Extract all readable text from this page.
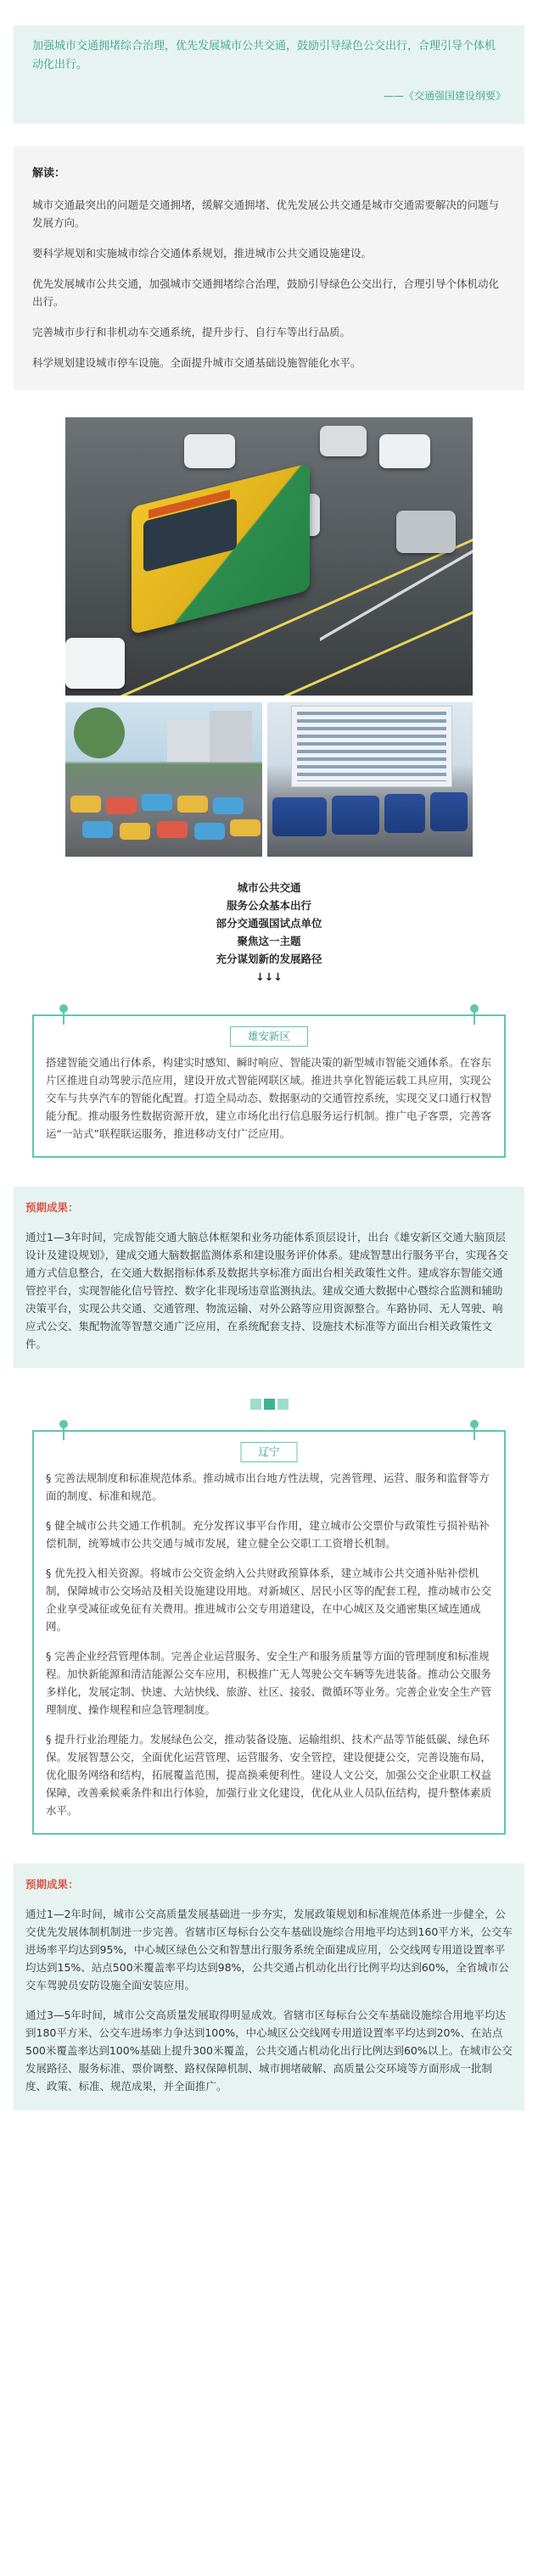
加强城市交通拥堵综合治理，优先发展城市公共交通，鼓励引导绿色公交出行，合理引导个体机动化出行。

——《交通强国建设纲要》

解读：

城市交通最突出的问题是交通拥堵，缓解交通拥堵、优先发展公共交通是城市交通需要解决的问题与发展方向。

要科学规划和实施城市综合交通体系规划，推进城市公共交通设施建设。

优先发展城市公共交通，加强城市交通拥堵综合治理，鼓励引导绿色公交出行，合理引导个体机动化出行。

完善城市步行和非机动车交通系统，提升步行、自行车等出行品质。

科学规划建设城市停车设施。全面提升城市交通基础设施智能化水平。

城市公共交通

服务公众基本出行

部分交通强国试点单位

聚焦这一主题

充分谋划新的发展路径

↓↓↓

雄安新区

搭建智能交通出行体系，构建实时感知、瞬时响应、智能决策的新型城市智能交通体系。在容东片区推进自动驾驶示范应用，建设开放式智能网联区域。推进共享化智能运载工具应用，实现公交车与共享汽车的智能化配置。打造全局动态、数据驱动的交通管控系统，实现交叉口通行权智能分配。推动服务性数据资源开放，建立市场化出行信息服务运行机制。推广电子客票，完善客运“一站式”联程联运服务，推进移动支付广泛应用。

预期成果：

通过1—3年时间，完成智能交通大脑总体框架和业务功能体系顶层设计，出台《雄安新区交通大脑顶层设计及建设规划》，建成交通大脑数据监测体系和建设服务评价体系。建成智慧出行服务平台，实现各交通方式信息整合，在交通大数据指标体系及数据共享标准方面出台相关政策性文件。建成容东智能交通管控平台，实现智能化信号管控、数字化非现场违章监测执法。建成交通大数据中心暨综合监测和辅助决策平台，实现公共交通、交通管理、物流运输、对外公路等应用资源整合。车路协同、无人驾驶、响应式公交、集配物流等智慧交通广泛应用，在系统配套支持、设施技术标准等方面出台相关政策性文件。

辽宁

§ 完善法规制度和标准规范体系。推动城市出台地方性法规，完善管理、运营、服务和监督等方面的制度、标准和规范。

§ 健全城市公共交通工作机制。充分发挥议事平台作用，建立城市公交票价与政策性亏损补贴补偿机制，统筹城市公共交通与城市发展，建立健全公交职工工资增长机制。

§ 优先投入相关资源。将城市公交资金纳入公共财政预算体系，建立城市公共交通补贴补偿机制，保障城市公交场站及相关设施建设用地。对新城区、居民小区等的配套工程，推动城市公交企业享受减征或免征有关费用。推进城市公交专用道建设，在中心城区及交通密集区域连通成网。

§ 完善企业经营管理体制。完善企业运营服务、安全生产和服务质量等方面的管理制度和标准规程。加快新能源和清洁能源公交车应用，积极推广无人驾驶公交车辆等先进装备。推动公交服务多样化，发展定制、快速、大站快线、旅游、社区、接驳、微循环等业务。完善企业安全生产管理制度、操作规程和应急管理制度。

§ 提升行业治理能力。发展绿色公交，推动装备设施、运输组织、技术产品等节能低碳、绿色环保。发展智慧公交，全面优化运营管理、运营服务、安全管控，建设便捷公交，完善设施布局，优化服务网络和结构，拓展覆盖范围，提高换乘便利性。建设人文公交，加强公交企业职工权益保障，改善乘候乘条件和出行体验，加强行业文化建设，优化从业人员队伍结构，提升整体素质水平。

预期成果：

通过1—2年时间，城市公交高质量发展基础进一步夯实，发展政策规划和标准规范体系进一步健全，公交优先发展体制机制进一步完善。省辖市区每标台公交车基础设施综合用地平均达到160平方米，公交车进场率平均达到95%，中心城区绿色公交和智慧出行服务系统全面建成应用，公交线网专用道设置率平均达到15%、站点500米覆盖率平均达到98%，公共交通占机动化出行比例平均达到60%，全省城市公交车驾驶员安防设施全面安装应用。

通过3—5年时间，城市公交高质量发展取得明显成效。省辖市区每标台公交车基础设施综合用地平均达到180平方米、公交车进场率力争达到100%，中心城区公交线网专用道设置率平均达到20%、在站点500米覆盖率达到100%基础上提升300米覆盖，公共交通占机动化出行比例达到60%以上。在城市公交发展路径、服务标准、票价调整、路权保障机制、城市拥堵破解、高质量公交环境等方面形成一批制度、政策、标准、规范成果，并全面推广。
